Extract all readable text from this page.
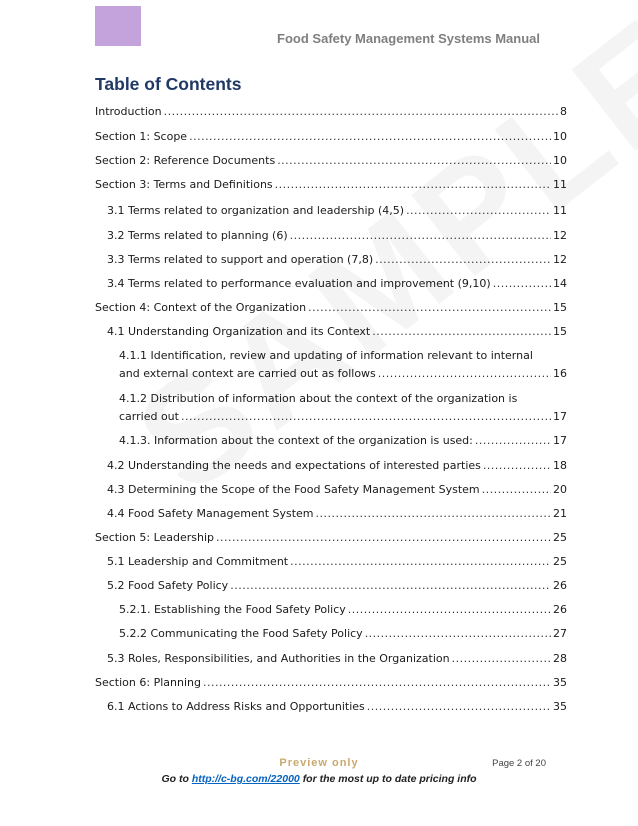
Food Safety Management Systems Manual
Table of Contents
Introduction .....	8
Section 1: Scope .....	10
Section 2: Reference Documents .....	10
Section 3: Terms and Definitions .....	11
3.1 Terms related to organization and leadership (4,5) .....	11
3.2 Terms related to planning (6) .....	12
3.3 Terms related to support and operation (7,8) .....	12
3.4 Terms related to performance evaluation and improvement (9,10) .....	14
Section 4: Context of the Organization .....	15
4.1 Understanding Organization and its Context .....	15
4.1.1 Identification, review and updating of information relevant to internal
and external context are carried out as follows .....	16
4.1.2 Distribution of information about the context of the organization is
carried out .....	17
4.1.3. Information about the context of the organization is used: .....	17
4.2 Understanding the needs and expectations of interested parties .....	18
4.3 Determining the Scope of the Food Safety Management System .....	20
4.4 Food Safety Management System .....	21
Section 5: Leadership .....	25
5.1 Leadership and Commitment .....	25
5.2 Food Safety Policy .....	26
5.2.1. Establishing the Food Safety Policy .....	26
5.2.2 Communicating the Food Safety Policy .....	27
5.3 Roles, Responsibilities, and Authorities in the Organization .....	28
Section 6: Planning .....	35
6.1 Actions to Address Risks and Opportunities .....	35
Preview only	Page 2 of 20
Go to http://c-bg.com/22000 for the most up to date pricing info
